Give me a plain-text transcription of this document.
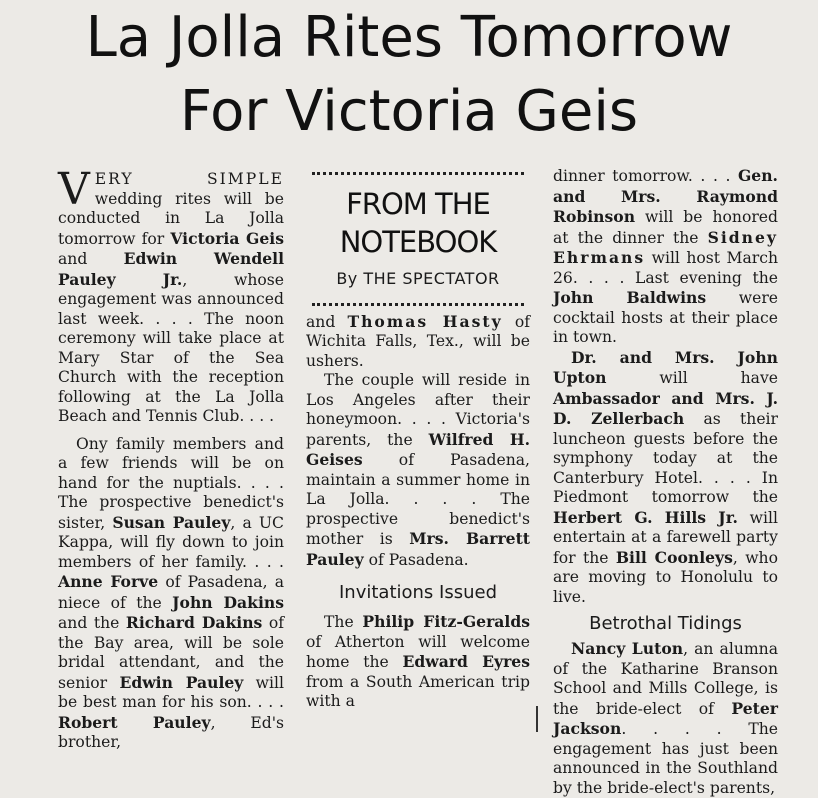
La Jolla Rites Tomorrow
For Victoria Geis

VERY SIMPLE wedding rites will be conducted in La Jolla tomorrow for Victoria Geis and Edwin Wendell Pauley Jr., whose engagement was announced last week. . . . The noon ceremony will take place at Mary Star of the Sea Church with the reception following at the La Jolla Beach and Tennis Club. . . .

Ony family members and a few friends will be on hand for the nuptials. . . . The prospective benedict's sister, Susan Pauley, a UC Kappa, will fly down to join members of her family. . . . Anne Forve of Pasadena, a niece of the John Dakins and the Richard Dakins of the Bay area, will be sole bridal attendant, and the senior Edwin Pauley will be best man for his son. . . . Robert Pauley, Ed's brother,

FROM THE
NOTEBOOK
By THE SPECTATOR

and Thomas Hasty of Wichita Falls, Tex., will be ushers.

The couple will reside in Los Angeles after their honeymoon. . . . Victoria's parents, the Wilfred H. Geises of Pasadena, maintain a summer home in La Jolla. . . . The prospective benedict's mother is Mrs. Barrett Pauley of Pasadena.

Invitations Issued

The Philip Fitz-Geralds of Atherton will welcome home the Edward Eyres from a South American trip with a

dinner tomorrow. . . . Gen. and Mrs. Raymond Robinson will be honored at the dinner the Sidney Ehrmans will host March 26. . . . Last evening the John Baldwins were cocktail hosts at their place in town.

Dr. and Mrs. John Upton will have Ambassador and Mrs. J. D. Zellerbach as their luncheon guests before the symphony today at the Canterbury Hotel. . . . In Piedmont tomorrow the Herbert G. Hills Jr. will entertain at a farewell party for the Bill Coonleys, who are moving to Honolulu to live.

Betrothal Tidings

Nancy Luton, an alumna of the Katharine Branson School and Mills College, is the bride-elect of Peter Jackson. . . . The engagement has just been announced in the Southland by the bride-elect's parents,
